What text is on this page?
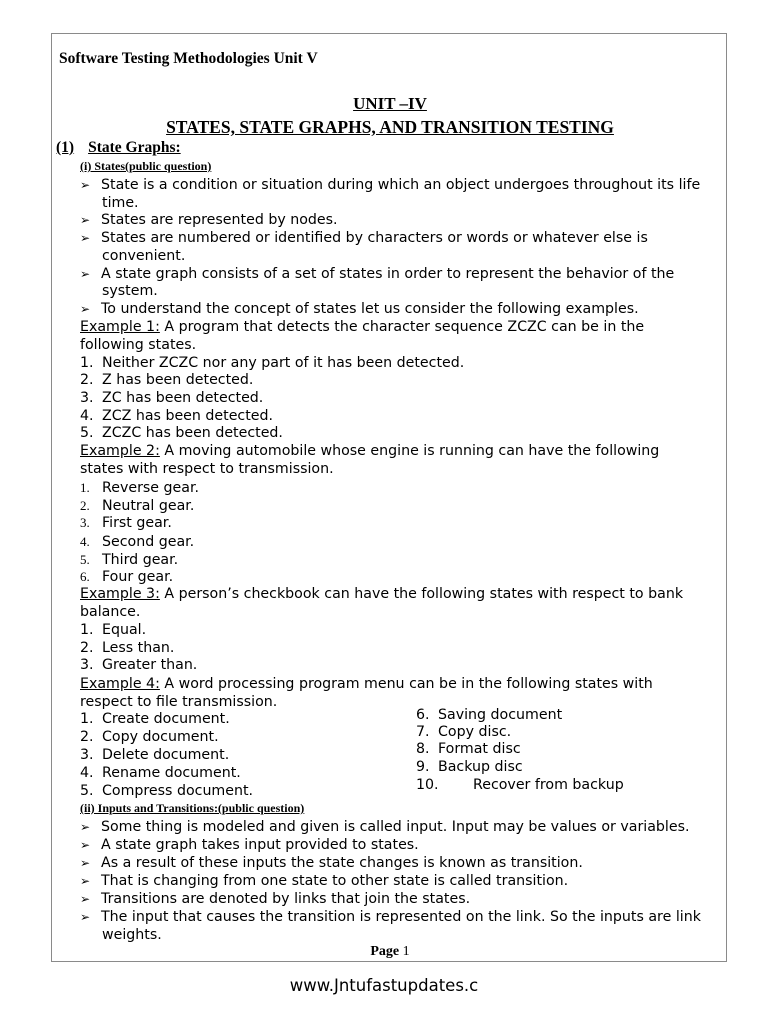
Software Testing Methodologies Unit V
UNIT –IV
STATES, STATE GRAPHS, AND TRANSITION TESTING
(1) State Graphs:
(i) States(public question)
➢ State is a condition or situation during which an object undergoes throughout its life
time.
➢ States are represented by nodes.
➢ States are numbered or identified by characters or words or whatever else is
convenient.
➢ A state graph consists of a set of states in order to represent the behavior of the
system.
➢ To understand the concept of states let us consider the following examples.
Example 1: A program that detects the character sequence ZCZC can be in the
following states.
1. Neither ZCZC nor any part of it has been detected.
2. Z has been detected.
3. ZC has been detected.
4. ZCZ has been detected.
5. ZCZC has been detected.
Example 2: A moving automobile whose engine is running can have the following
states with respect to transmission.
1. Reverse gear.
2. Neutral gear.
3. First gear.
4. Second gear.
5. Third gear.
6. Four gear.
Example 3: A person’s checkbook can have the following states with respect to bank
balance.
1. Equal.
2. Less than.
3. Greater than.
Example 4: A word processing program menu can be in the following states with
respect to file transmission.
1. Create document.
2. Copy document.
3. Delete document.
4. Rename document.
5. Compress document.
6. Saving document
7. Copy disc.
8. Format disc
9. Backup disc
10. Recover from backup
(ii) Inputs and Transitions:(public question)
➢ Some thing is modeled and given is called input. Input may be values or variables.
➢ A state graph takes input provided to states.
➢ As a result of these inputs the state changes is known as transition.
➢ That is changing from one state to other state is called transition.
➢ Transitions are denoted by links that join the states.
➢ The input that causes the transition is represented on the link. So the inputs are link
weights.
Page 1
www.Jntufastupdates.c
